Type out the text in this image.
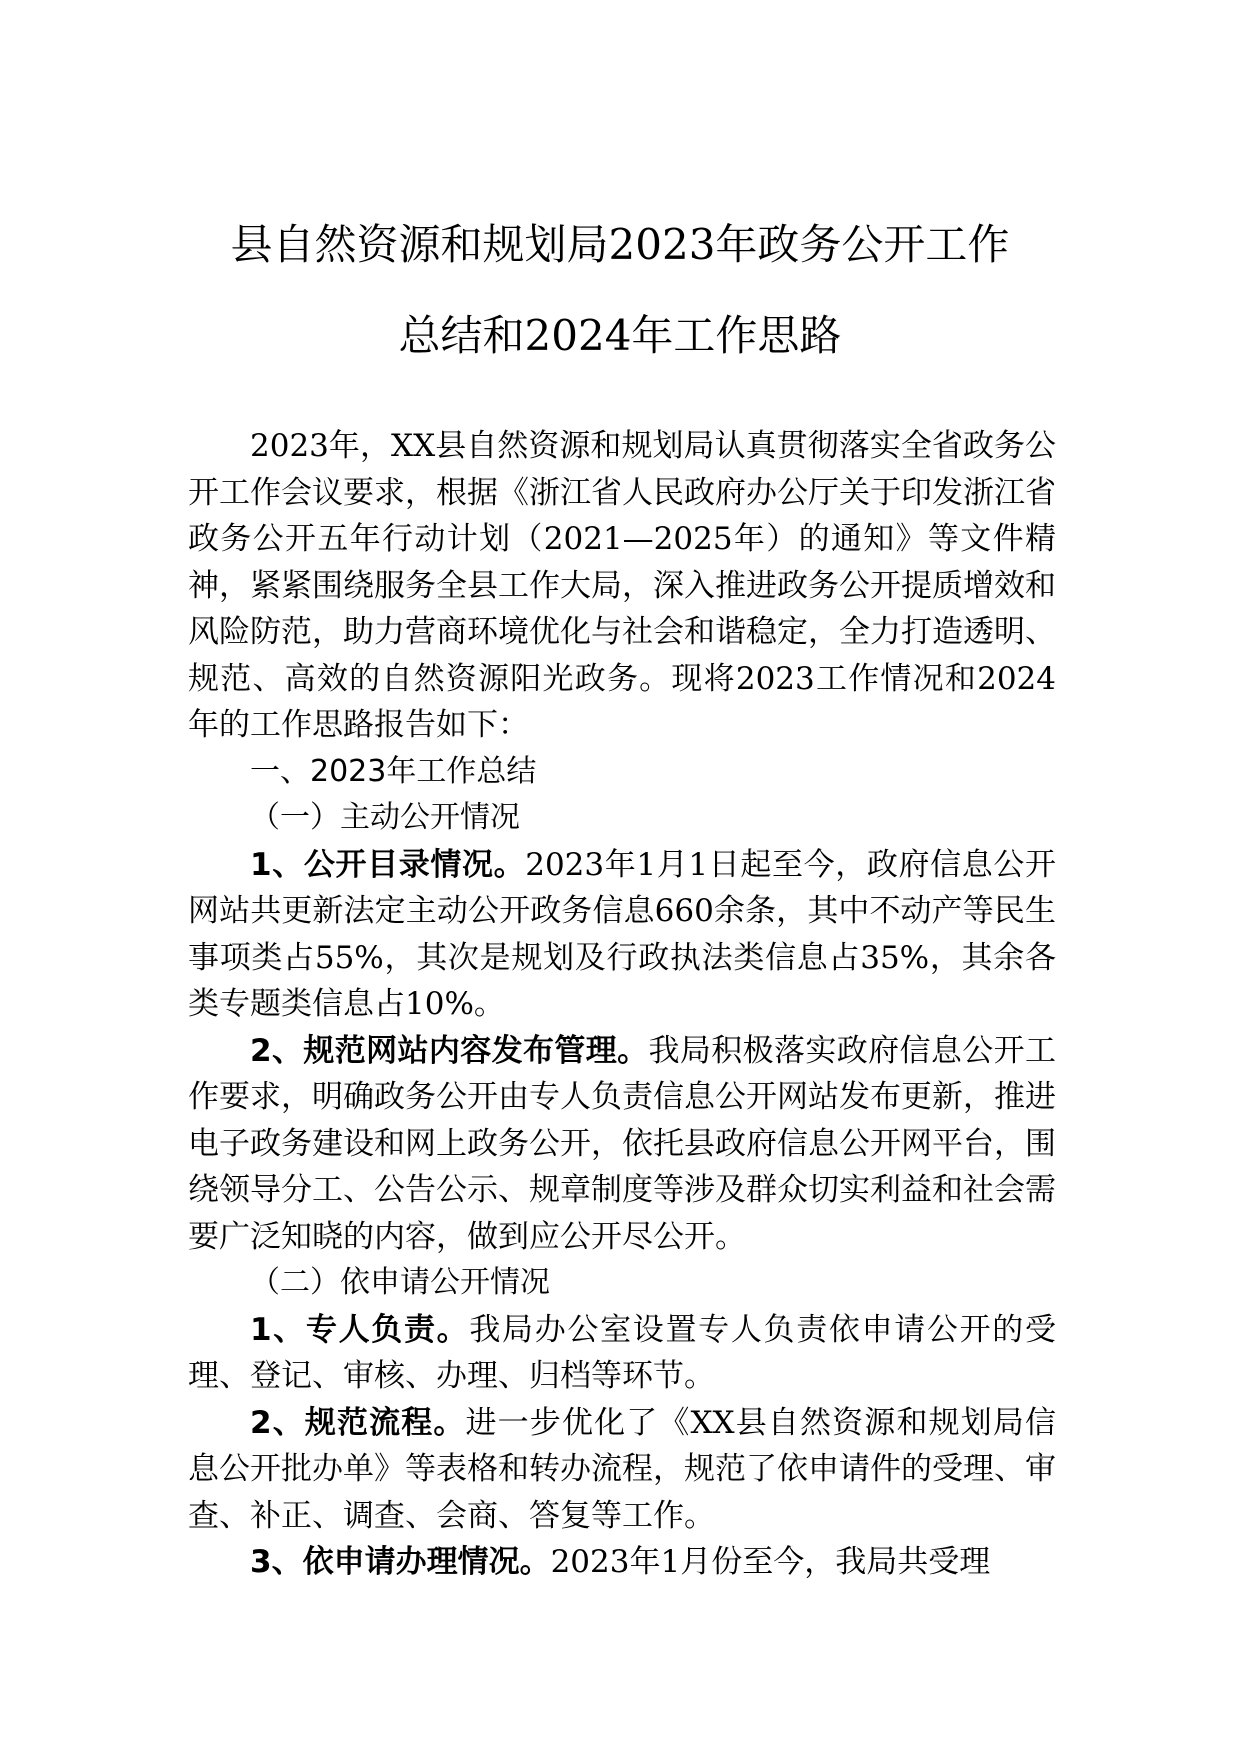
县自然资源和规划局2023年政务公开工作
总结和2024年工作思路

2023年，XX县自然资源和规划局认真贯彻落实全省政务公开工作会议要求，根据《浙江省人民政府办公厅关于印发浙江省政务公开五年行动计划（2021—2025年）的通知》等文件精神，紧紧围绕服务全县工作大局，深入推进政务公开提质增效和风险防范，助力营商环境优化与社会和谐稳定，全力打造透明、规范、高效的自然资源阳光政务。现将2023工作情况和2024年的工作思路报告如下：

一、2023年工作总结

（一）主动公开情况

1、公开目录情况。2023年1月1日起至今，政府信息公开网站共更新法定主动公开政务信息660余条，其中不动产等民生事项类占55%，其次是规划及行政执法类信息占35%，其余各类专题类信息占10%。

2、规范网站内容发布管理。我局积极落实政府信息公开工作要求，明确政务公开由专人负责信息公开网站发布更新，推进电子政务建设和网上政务公开，依托县政府信息公开网平台，围绕领导分工、公告公示、规章制度等涉及群众切实利益和社会需要广泛知晓的内容，做到应公开尽公开。

（二）依申请公开情况

1、专人负责。我局办公室设置专人负责依申请公开的受理、登记、审核、办理、归档等环节。

2、规范流程。进一步优化了《XX县自然资源和规划局信息公开批办单》等表格和转办流程，规范了依申请件的受理、审查、补正、调查、会商、答复等工作。

3、依申请办理情况。2023年1月份至今，我局共受理
